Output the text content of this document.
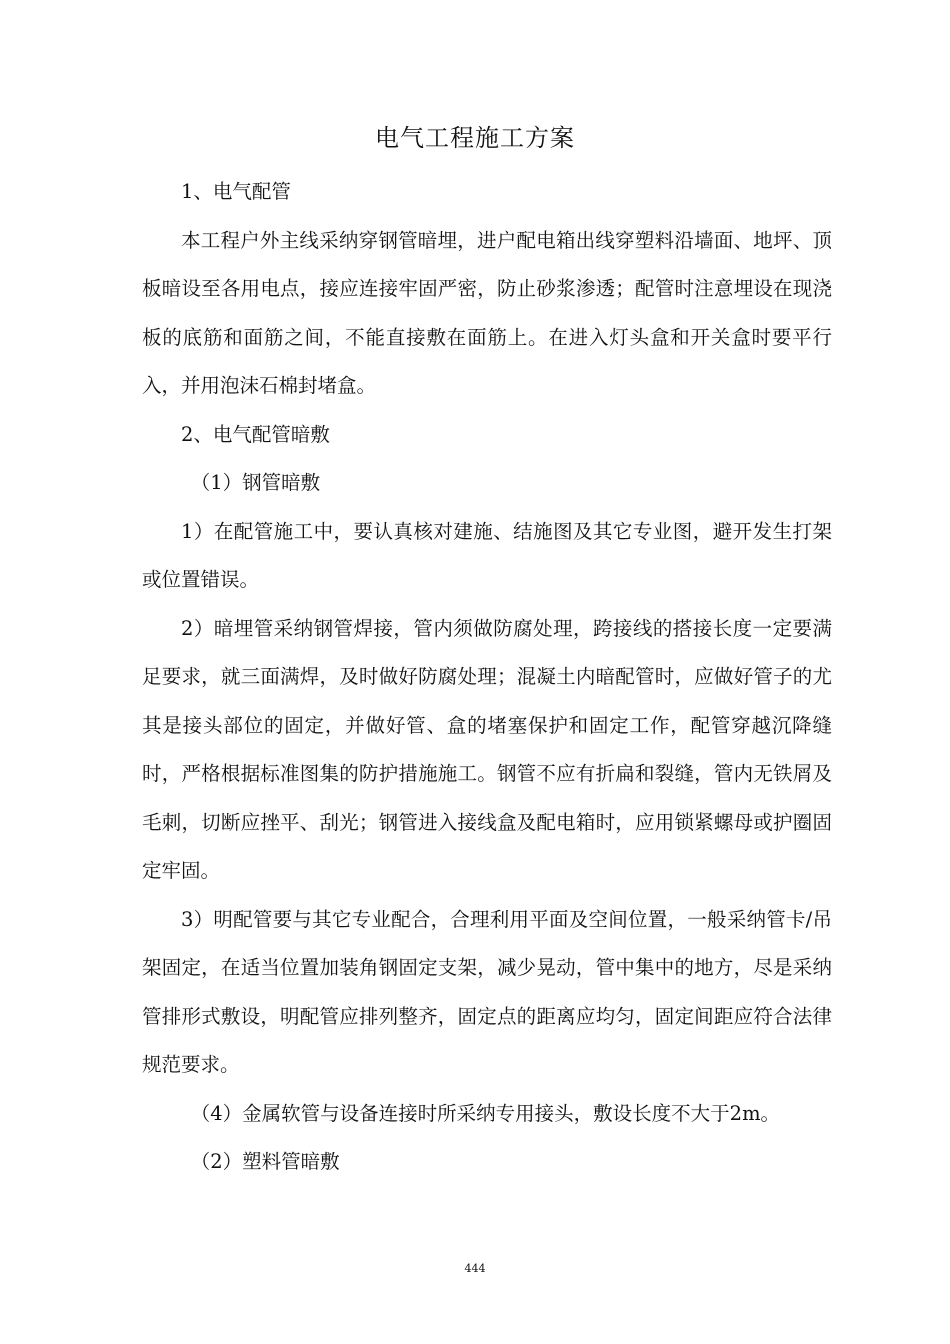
电气工程施工方案

1、电气配管

本工程户外主线采纳穿钢管暗埋，进户配电箱出线穿塑料沿墙面、地坪、顶板暗设至各用电点，接应连接牢固严密，防止砂浆渗透；配管时注意埋设在现浇板的底筋和面筋之间，不能直接敷在面筋上。在进入灯头盒和开关盒时要平行入，并用泡沫石棉封堵盒。

2、电气配管暗敷

（1）钢管暗敷

1）在配管施工中，要认真核对建施、结施图及其它专业图，避开发生打架或位置错误。

2）暗埋管采纳钢管焊接，管内须做防腐处理，跨接线的搭接长度一定要满足要求，就三面满焊，及时做好防腐处理；混凝土内暗配管时，应做好管子的尤其是接头部位的固定，并做好管、盒的堵塞保护和固定工作，配管穿越沉降缝时，严格根据标准图集的防护措施施工。钢管不应有折扁和裂缝，管内无铁屑及毛刺，切断应挫平、刮光；钢管进入接线盒及配电箱时，应用锁紧螺母或护圈固定牢固。

3）明配管要与其它专业配合，合理利用平面及空间位置，一般采纳管卡/吊架固定，在适当位置加装角钢固定支架，减少晃动，管中集中的地方，尽是采纳管排形式敷设，明配管应排列整齐，固定点的距离应均匀，固定间距应符合法律规范要求。

（4）金属软管与设备连接时所采纳专用接头，敷设长度不大于2m。

（2）塑料管暗敷

444
